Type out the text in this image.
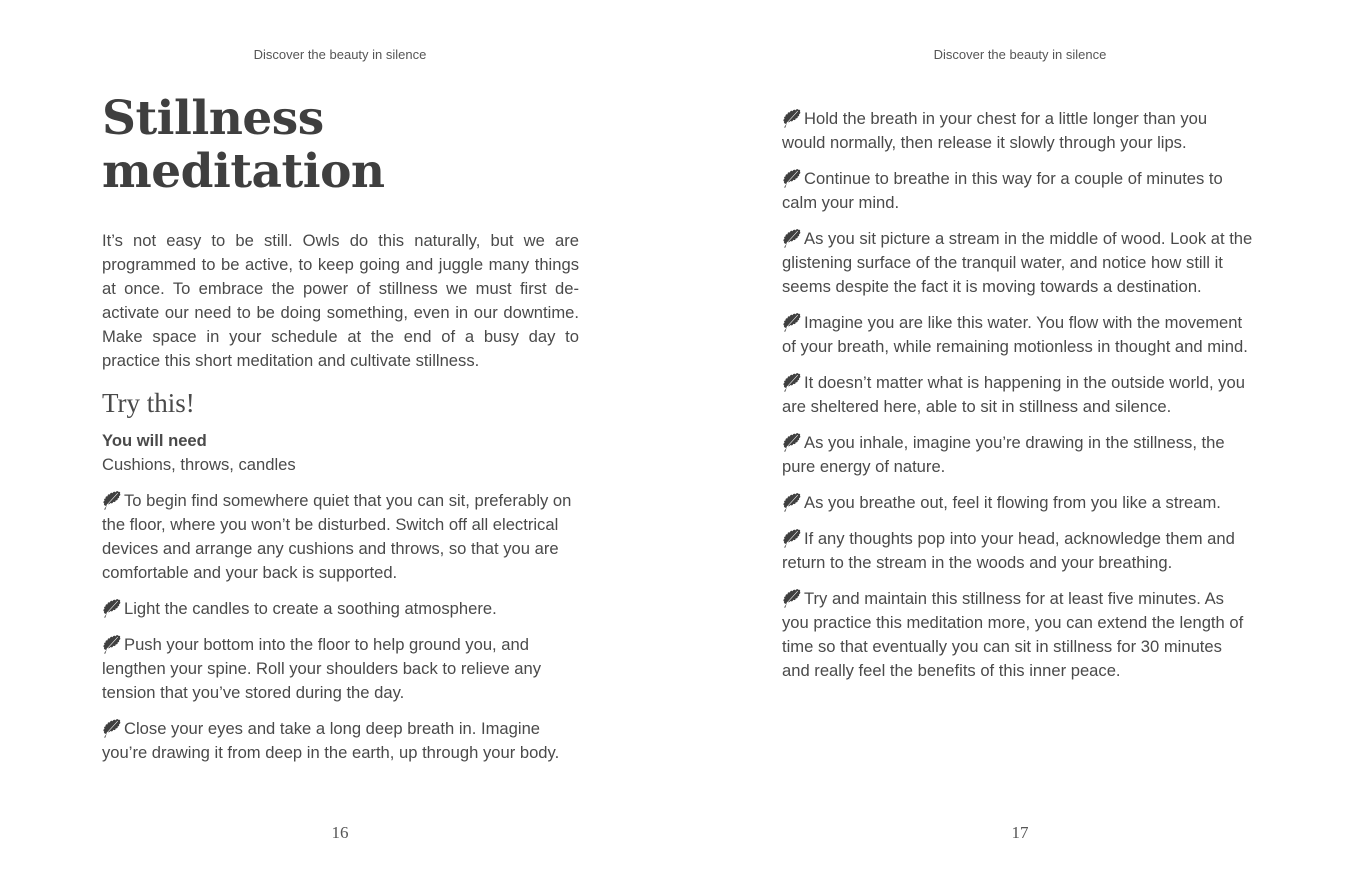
Discover the beauty in silence
Stillness
meditation

It’s not easy to be still. Owls do this naturally, but we are programmed to be active, to keep going and juggle many things at once. To embrace the power of stillness we must first de-activate our need to be doing something, even in our downtime. Make space in your schedule at the end of a busy day to practice this short meditation and cultivate stillness.

Try this!

You will need

Cushions, throws, candles

To begin find somewhere quiet that you can sit, preferably on the floor, where you won’t be disturbed. Switch off all electrical devices and arrange any cushions and throws, so that you are comfortable and your back is supported.
Light the candles to create a soothing atmosphere.
Push your bottom into the floor to help ground you, and lengthen your spine. Roll your shoulders back to relieve any tension that you’ve stored during the day.
Close your eyes and take a long deep breath in. Imagine you’re drawing it from deep in the earth, up through your body.
16
Discover the beauty in silence
Hold the breath in your chest for a little longer than you would normally, then release it slowly through your lips.
Continue to breathe in this way for a couple of minutes to calm your mind.
As you sit picture a stream in the middle of wood. Look at the glistening surface of the tranquil water, and notice how still it seems despite the fact it is moving towards a destination.
Imagine you are like this water. You flow with the movement of your breath, while remaining motionless in thought and mind.
It doesn’t matter what is happening in the outside world, you are sheltered here, able to sit in stillness and silence.
As you inhale, imagine you’re drawing in the stillness, the pure energy of nature.
As you breathe out, feel it flowing from you like a stream.
If any thoughts pop into your head, acknowledge them and return to the stream in the woods and your breathing.
Try and maintain this stillness for at least five minutes. As you practice this meditation more, you can extend the length of time so that eventually you can sit in stillness for 30 minutes and really feel the benefits of this inner peace.
17
